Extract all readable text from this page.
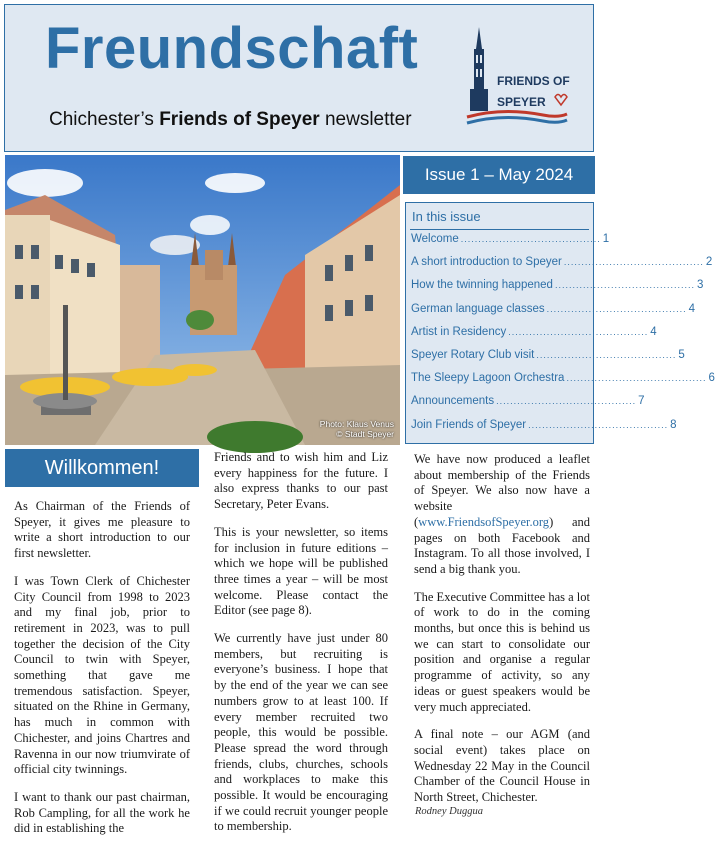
Freundschaft
Chichester’s Friends of Speyer newsletter
FRIENDS OF
SPEYER
Photo: Klaus Venus
© Stadt Speyer
Issue 1 – May 2024
In this issue
Welcome ........................................ 1
A short introduction to Speyer ........................................ 2
How the twinning happened ........................................ 3
German language classes ........................................ 4
Artist in Residency ........................................ 4
Speyer Rotary Club visit ........................................ 5
The Sleepy Lagoon Orchestra ........................................ 6
Announcements ........................................ 7
Join Friends of Speyer ........................................ 8
Willkommen!

As Chairman of the Friends of Speyer, it gives me pleasure to write a short introduction to our first newsletter.

I was Town Clerk of Chichester City Council from 1998 to 2023 and my final job, prior to retirement in 2023, was to pull together the decision of the City Council to twin with Speyer, something that gave me tremendous satisfaction. Speyer, situated on the Rhine in Germany, has much in common with Chichester, and joins Chartres and Ravenna in our now triumvirate of official city twinnings.

I want to thank our past chairman, Rob Campling, for all the work he did in establishing the

Friends and to wish him and Liz every happiness for the future. I also express thanks to our past Secretary, Peter Evans.

This is your newsletter, so items for inclusion in future editions – which we hope will be published three times a year – will be most welcome. Please contact the Editor (see page 8).

We currently have just under 80 members, but recruiting is everyone’s business. I hope that by the end of the year we can see numbers grow to at least 100. If every member recruited two people, this would be possible. Please spread the word through friends, clubs, churches, schools and workplaces to make this possible. It would be encouraging if we could recruit younger people to membership.

We have now produced a leaflet about membership of the Friends of Speyer. We also now have a website (www.FriendsofSpeyer.org) and pages on both Facebook and Instagram. To all those involved, I send a big thank you.

The Executive Committee has a lot of work to do in the coming months, but once this is behind us we can start to consolidate our position and organise a regular programme of activity, so any ideas or guest speakers would be very much appreciated.

A final note – our AGM (and social event) takes place on Wednesday 22 May in the Council Chamber of the Council House in North Street, Chichester.

Rodney Duggua
